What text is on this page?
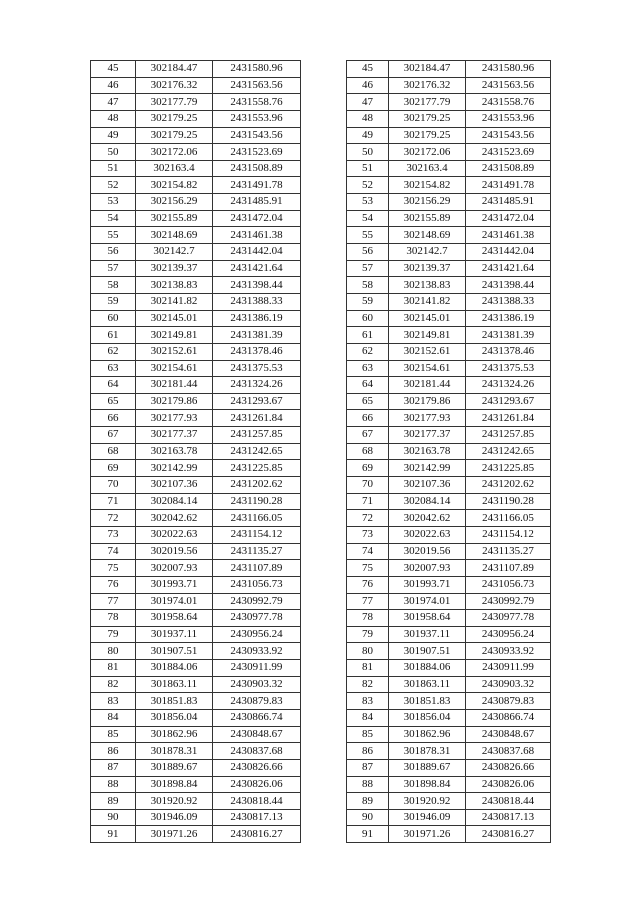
45	302184.47	2431580.96
46	302176.32	2431563.56
47	302177.79	2431558.76
48	302179.25	2431553.96
49	302179.25	2431543.56
50	302172.06	2431523.69
51	302163.4	2431508.89
52	302154.82	2431491.78
53	302156.29	2431485.91
54	302155.89	2431472.04
55	302148.69	2431461.38
56	302142.7	2431442.04
57	302139.37	2431421.64
58	302138.83	2431398.44
59	302141.82	2431388.33
60	302145.01	2431386.19
61	302149.81	2431381.39
62	302152.61	2431378.46
63	302154.61	2431375.53
64	302181.44	2431324.26
65	302179.86	2431293.67
66	302177.93	2431261.84
67	302177.37	2431257.85
68	302163.78	2431242.65
69	302142.99	2431225.85
70	302107.36	2431202.62
71	302084.14	2431190.28
72	302042.62	2431166.05
73	302022.63	2431154.12
74	302019.56	2431135.27
75	302007.93	2431107.89
76	301993.71	2431056.73
77	301974.01	2430992.79
78	301958.64	2430977.78
79	301937.11	2430956.24
80	301907.51	2430933.92
81	301884.06	2430911.99
82	301863.11	2430903.32
83	301851.83	2430879.83
84	301856.04	2430866.74
85	301862.96	2430848.67
86	301878.31	2430837.68
87	301889.67	2430826.66
88	301898.84	2430826.06
89	301920.92	2430818.44
90	301946.09	2430817.13
91	301971.26	2430816.27
45	302184.47	2431580.96
46	302176.32	2431563.56
47	302177.79	2431558.76
48	302179.25	2431553.96
49	302179.25	2431543.56
50	302172.06	2431523.69
51	302163.4	2431508.89
52	302154.82	2431491.78
53	302156.29	2431485.91
54	302155.89	2431472.04
55	302148.69	2431461.38
56	302142.7	2431442.04
57	302139.37	2431421.64
58	302138.83	2431398.44
59	302141.82	2431388.33
60	302145.01	2431386.19
61	302149.81	2431381.39
62	302152.61	2431378.46
63	302154.61	2431375.53
64	302181.44	2431324.26
65	302179.86	2431293.67
66	302177.93	2431261.84
67	302177.37	2431257.85
68	302163.78	2431242.65
69	302142.99	2431225.85
70	302107.36	2431202.62
71	302084.14	2431190.28
72	302042.62	2431166.05
73	302022.63	2431154.12
74	302019.56	2431135.27
75	302007.93	2431107.89
76	301993.71	2431056.73
77	301974.01	2430992.79
78	301958.64	2430977.78
79	301937.11	2430956.24
80	301907.51	2430933.92
81	301884.06	2430911.99
82	301863.11	2430903.32
83	301851.83	2430879.83
84	301856.04	2430866.74
85	301862.96	2430848.67
86	301878.31	2430837.68
87	301889.67	2430826.66
88	301898.84	2430826.06
89	301920.92	2430818.44
90	301946.09	2430817.13
91	301971.26	2430816.27
